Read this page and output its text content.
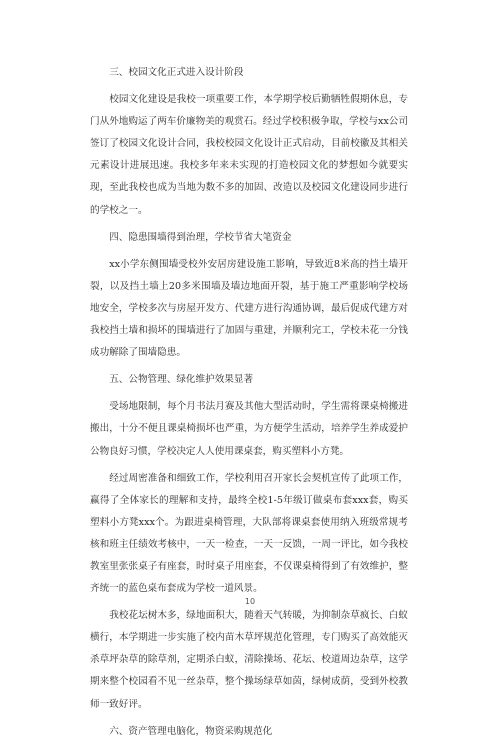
三、校园文化正式进入设计阶段

校园文化建设是我校一项重要工作，本学期学校后勤牺牲假期休息，专门从外地购运了两车价廉物美的观赏石。经过学校积极争取，学校与xx公司签订了校园文化设计合同，我校校园文化设计正式启动，目前校徽及其相关元素设计进展迅速。我校多年来未实现的打造校园文化的梦想如今就要实现，至此我校也成为当地为数不多的加固、改造以及校园文化建设同步进行的学校之一。

四、隐患围墙得到治理，学校节省大笔资金

xx小学东侧围墙受校外安居房建设施工影响，导致近8米高的挡土墙开裂，以及挡土墙上20多米围墙及墙边地面开裂，基于施工严重影响学校场地安全，学校多次与房屋开发方、代建方进行沟通协调，最后促成代建方对我校挡土墙和损坏的围墙进行了加固与重建，并顺利完工，学校未花一分钱成功解除了围墙隐患。

五、公物管理、绿化维护效果显著

受场地限制，每个月书法月赛及其他大型活动时，学生需将课桌椅搬进搬出，十分不便且课桌椅损坏也严重，为方便学生活动，培养学生养成爱护公物良好习惯，学校决定人人使用课桌套，购买塑料小方凳。

经过周密准备和细致工作，学校利用召开家长会契机宣传了此项工作，赢得了全体家长的理解和支持，最终全校1-5年级订做桌布套xxx套，购买塑料小方凳xxx个。为跟进桌椅管理，大队部将课桌套使用纳入班级常规考核和班主任绩效考核中，一天一检查，一天一反馈，一周一评比，如今我校教室里张张桌子有座套，时时桌子用座套，不仅课桌椅得到了有效维护，整齐统一的蓝色桌布套成为学校一道风景。

我校花坛树木多，绿地面积大，随着天气转暖，为抑制杂草疯长、白蚁横行，本学期进一步实施了校内苗木草坪规范化管理，专门购买了高效能灭杀草坪杂草的除草剂，定期杀白蚁，清除操场、花坛、校道周边杂草，这学期来整个校园看不见一丝杂草，整个操场绿草如茵，绿树成荫，受到外校教师一致好评。

六、资产管理电脑化，物资采购规范化

10
